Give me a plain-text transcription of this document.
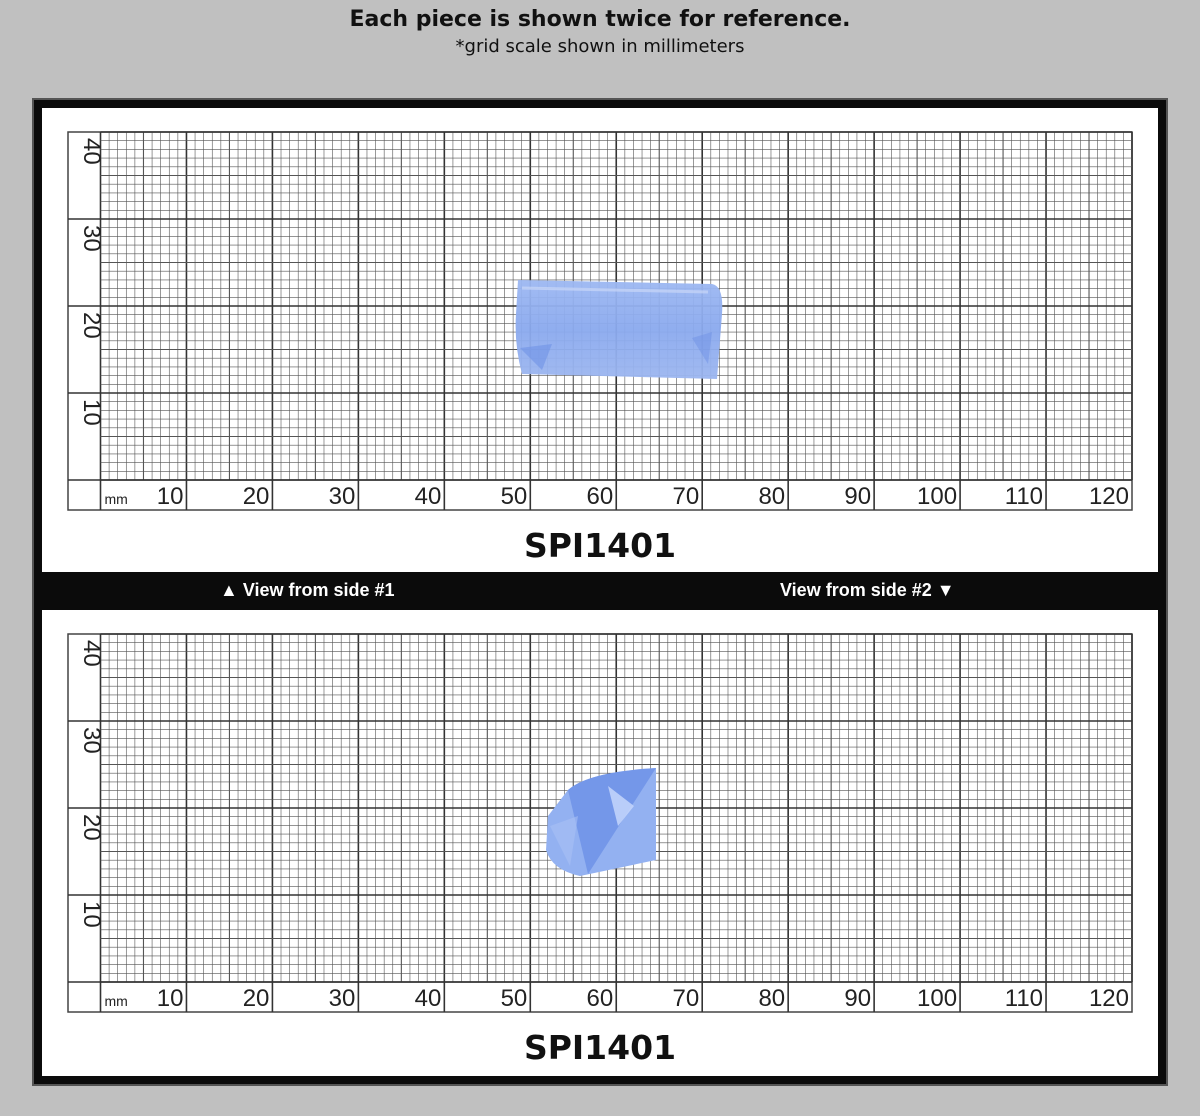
Each piece is shown twice for reference.
*grid scale shown in millimeters
10 20 30 40 50 60 70 80 90 100 110 120
mm
40
30
20
10
SPI1401
▲ View from side #1	View from side #2 ▼
10 20 30 40 50 60 70 80 90 100 110 120
mm
40
30
20
10
SPI1401
